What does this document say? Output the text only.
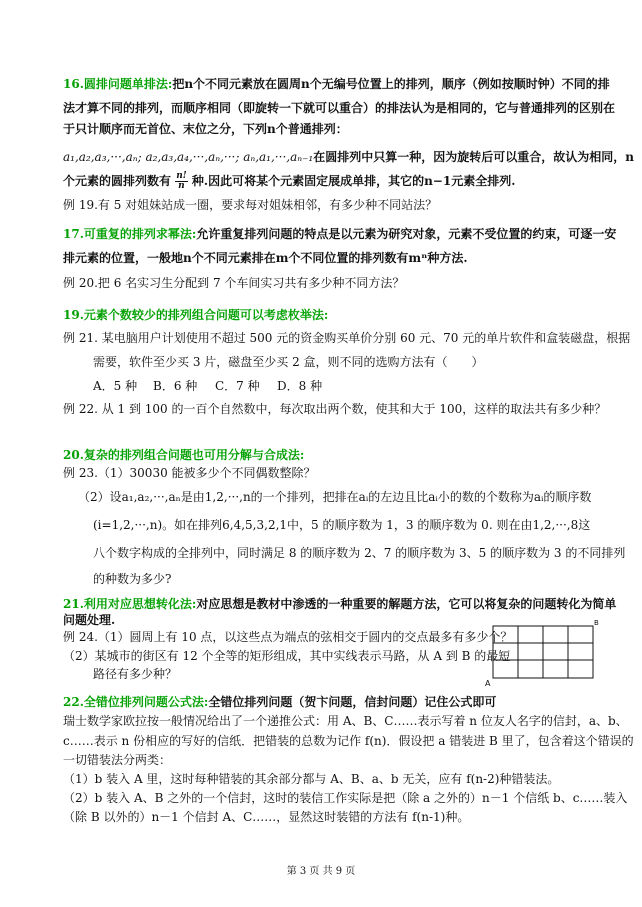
16.圆排问题单排法:把n个不同元素放在圆周n个无编号位置上的排列，顺序（例如按顺时钟）不同的排
法才算不同的排列，而顺序相同（即旋转一下就可以重合）的排法认为是相同的，它与普通排列的区别在
于只计顺序而无首位、末位之分，下列n个普通排列：
a₁,a₂,a₃,···,aₙ; a₂,a₃,a₄,···,aₙ,···; aₙ,a₁,···,aₙ₋₁在圆排列中只算一种，因为旋转后可以重合，故认为相同，n
个元素的圆排列数有 $\frac{n!}{n}$ 种.因此可将某个元素固定展成单排，其它的n−1元素全排列.
例 19.有 5 对姐妹站成一圈，要求每对姐妹相邻，有多少种不同站法？
17.可重复的排列求幂法:允许重复排列问题的特点是以元素为研究对象，元素不受位置的约束，可逐一安
排元素的位置，一般地n个不同元素排在m个不同位置的排列数有mⁿ种方法.
例 20.把 6 名实习生分配到 7 个车间实习共有多少种不同方法？
19.元素个数较少的排列组合问题可以考虑枚举法:
例 21. 某电脑用户计划使用不超过 500 元的资金购买单价分别 60 元、70 元的单片软件和盒装磁盘，根据
需要，软件至少买 3 片，磁盘至少买 2 盒，则不同的选购方法有（　　）
A．5 种 B．6 种 C．7 种 D．8 种
例 22. 从 1 到 100 的一百个自然数中，每次取出两个数，使其和大于 100，这样的取法共有多少种？
20.复杂的排列组合问题也可用分解与合成法:
例 23.（1）30030 能被多少个不同偶数整除？
（2）设a₁,a₂,···,aₙ是由1,2,···,n的一个排列，把排在aᵢ的左边且比aᵢ小的数的个数称为aᵢ的顺序数
(i=1,2,···,n)。如在排列6,4,5,3,2,1中，5 的顺序数为 1，3 的顺序数为 0. 则在由1,2,···,8这
八个数字构成的全排列中，同时满足 8 的顺序数为 2、7 的顺序数为 3、5 的顺序数为 3 的不同排列
的种数为多少?
21.利用对应思想转化法:对应思想是教材中渗透的一种重要的解题方法，它可以将复杂的问题转化为简单
问题处理.
例 24.（1）圆周上有 10 点，以这些点为端点的弦相交于圆内的交点最多有多少个？
（2）某城市的街区有 12 个全等的矩形组成，其中实线表示马路，从 A 到 B 的最短
路径有多少种？
A
B
22.全错位排列问题公式法:全错位排列问题（贺卞问题，信封问题）记住公式即可
瑞士数学家欧拉按一般情况给出了一个递推公式：用 A、B、C……表示写着 n 位友人名字的信封，a、b、
c……表示 n 份相应的写好的信纸．把错装的总数为记作 f(n)．假设把 a 错装进 B 里了，包含着这个错误的
一切错装法分两类：
（1）b 装入 A 里，这时每种错装的其余部分都与 A、B、a、b 无关，应有 f(n-2)种错装法。
（2）b 装入 A、B 之外的一个信封，这时的装信工作实际是把（除 a 之外的）n－1 个信纸 b、c……装入
（除 B 以外的）n－1 个信封 A、C……，显然这时装错的方法有 f(n-1)种。
第 3 页 共 9 页
